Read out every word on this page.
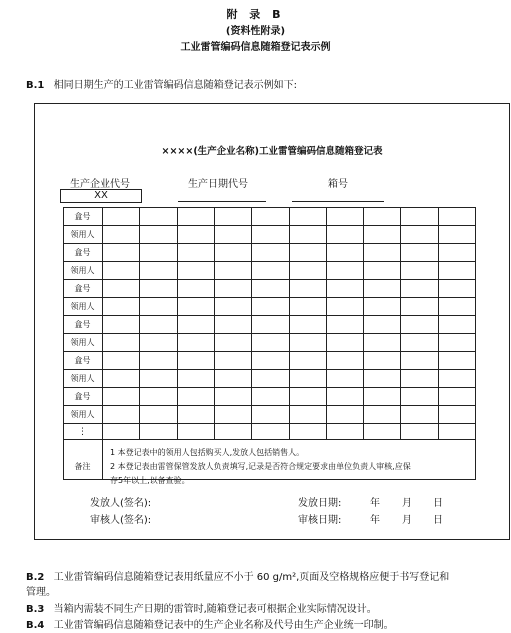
附 录 B
(资料性附录)
工业雷管编码信息随箱登记表示例
B.1 相同日期生产的工业雷管编码信息随箱登记表示例如下:
××××(生产企业名称)工业雷管编码信息随箱登记表
生产企业代号
XX
生产日期代号	箱号
盒号
领用人
盒号
领用人
盒号
领用人
盒号
领用人
盒号
领用人
盒号
领用人
⋮
备注
1 本登记表中的领用人包括购买人,发放人包括销售人。
2 本登记表由雷管保管发放人负责填写,记录是否符合规定要求由单位负责人审核,应保
存5年以上,以备查验。
发放人(签名):	发放日期:	年 月 日
审核人(签名):	审核日期:	年 月 日
B.2 工业雷管编码信息随箱登记表用纸量应不小于 60 g/m²,页面及空格规格应便于书写登记和
管理。
B.3 当箱内需装不同生产日期的雷管时,随箱登记表可根据企业实际情况设计。
B.4 工业雷管编码信息随箱登记表中的生产企业名称及代号由生产企业统一印制。
